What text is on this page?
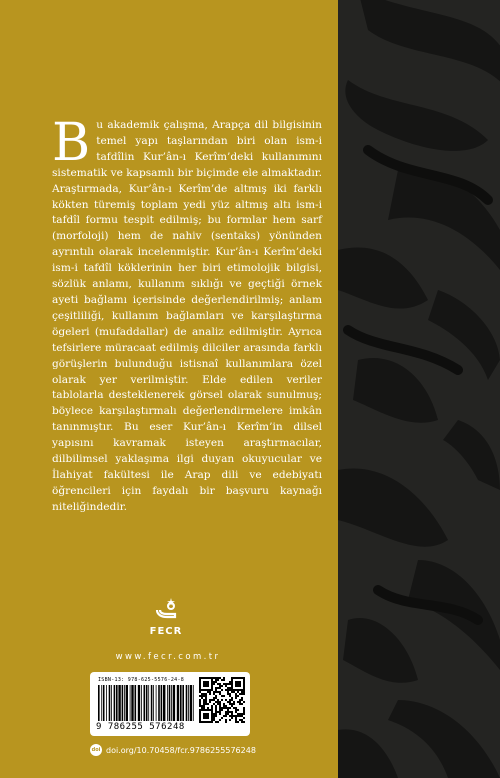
Bu akademik çalışma, Arapça dil bilgisinin temel yapı taşlarından biri olan ism-i tafdîlin Kur’ân-ı Kerîm’deki kullanımını sistematik ve kapsamlı bir biçimde ele almaktadır. Araştırmada, Kur’ân-ı Kerîm’de altmış iki farklı kökten türemiş toplam yedi yüz altmış altı ism-i tafdîl formu tespit edilmiş; bu formlar hem sarf (morfoloji) hem de nahiv (sentaks) yönünden ayrıntılı olarak incelenmiştir. Kur’ân-ı Kerîm’deki ism-i tafdîl köklerinin her biri etimolojik bilgisi, sözlük anlamı, kullanım sıklığı ve geçtiği örnek ayeti bağlamı içerisinde değerlendirilmiş; anlam çeşitliliği, kullanım bağlamları ve karşılaştırma ögeleri (mufaddallar) de analiz edilmiştir. Ayrıca tefsirlere müracaat edilmiş dilciler arasında farklı görüşlerin bulunduğu istisnaî kullanımlara özel olarak yer verilmiştir. Elde edilen veriler tablolarla desteklenerek görsel olarak sunulmuş; böylece karşılaştırmalı değerlendirmelere imkân tanınmıştır. Bu eser Kur’ân-ı Kerîm’in dilsel yapısını kavramak isteyen araştırmacılar, dilbilimsel yaklaşıma ilgi duyan okuyucular ve İlahiyat fakültesi ile Arap dili ve edebiyatı öğrencileri için faydalı bir başvuru kaynağı niteliğindedir.

FECR
www.fecr.com.tr
ISBN-13: 978-625-5576-24-8
9 786255 576248
doi doi.org/10.70458/fcr.9786255576248
